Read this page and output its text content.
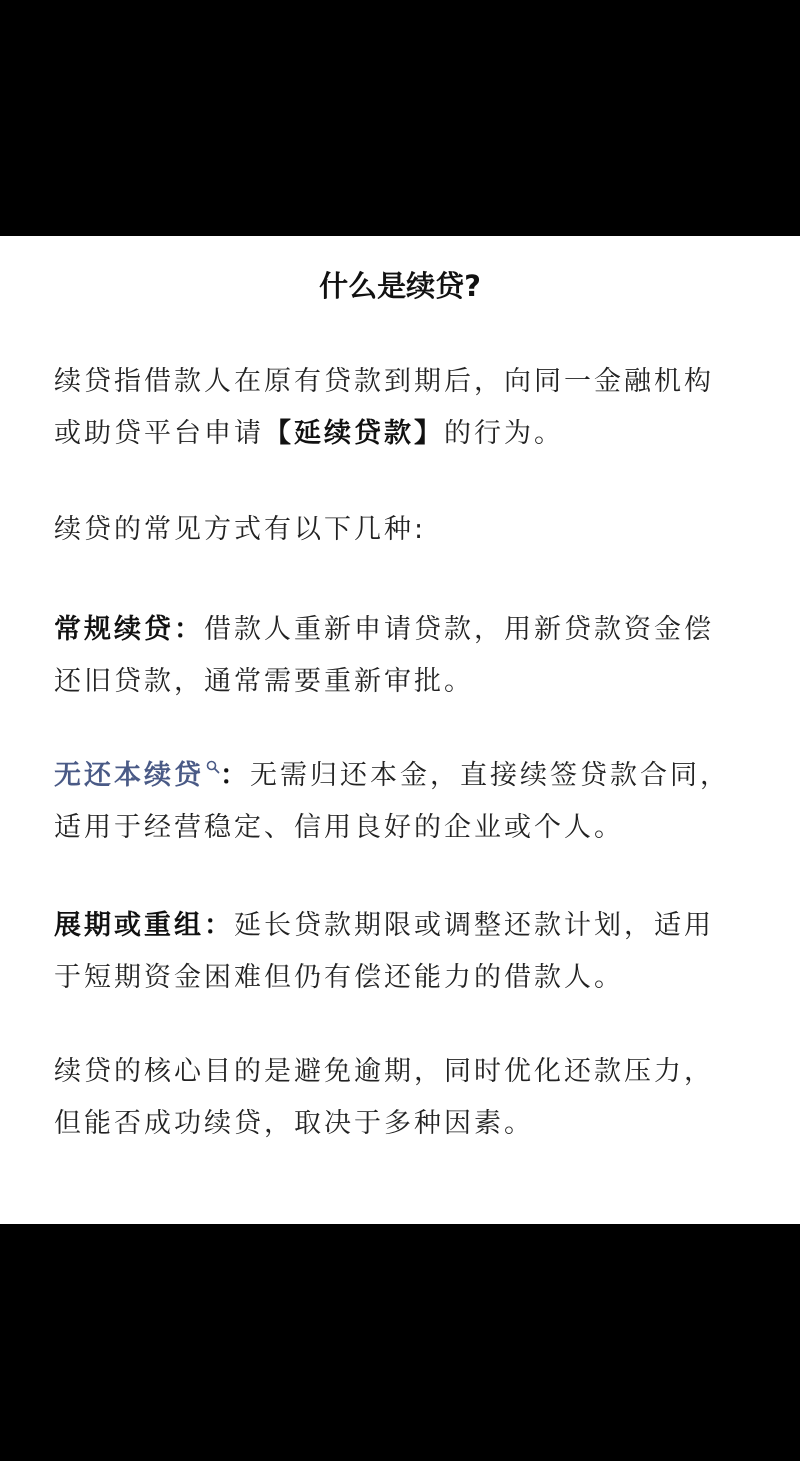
什么是续贷?
续贷指借款人在原有贷款到期后，向同一金融机构
或助贷平台申请【延续贷款】的行为。
续贷的常见方式有以下几种:
常规续贷：借款人重新申请贷款，用新贷款资金偿
还旧贷款，通常需要重新审批。
无还本续贷 ：无需归还本金，直接续签贷款合同，
适用于经营稳定、信用良好的企业或个人。
展期或重组：延长贷款期限或调整还款计划，适用
于短期资金困难但仍有偿还能力的借款人。
续贷的核心目的是避免逾期，同时优化还款压力，
但能否成功续贷，取决于多种因素。
